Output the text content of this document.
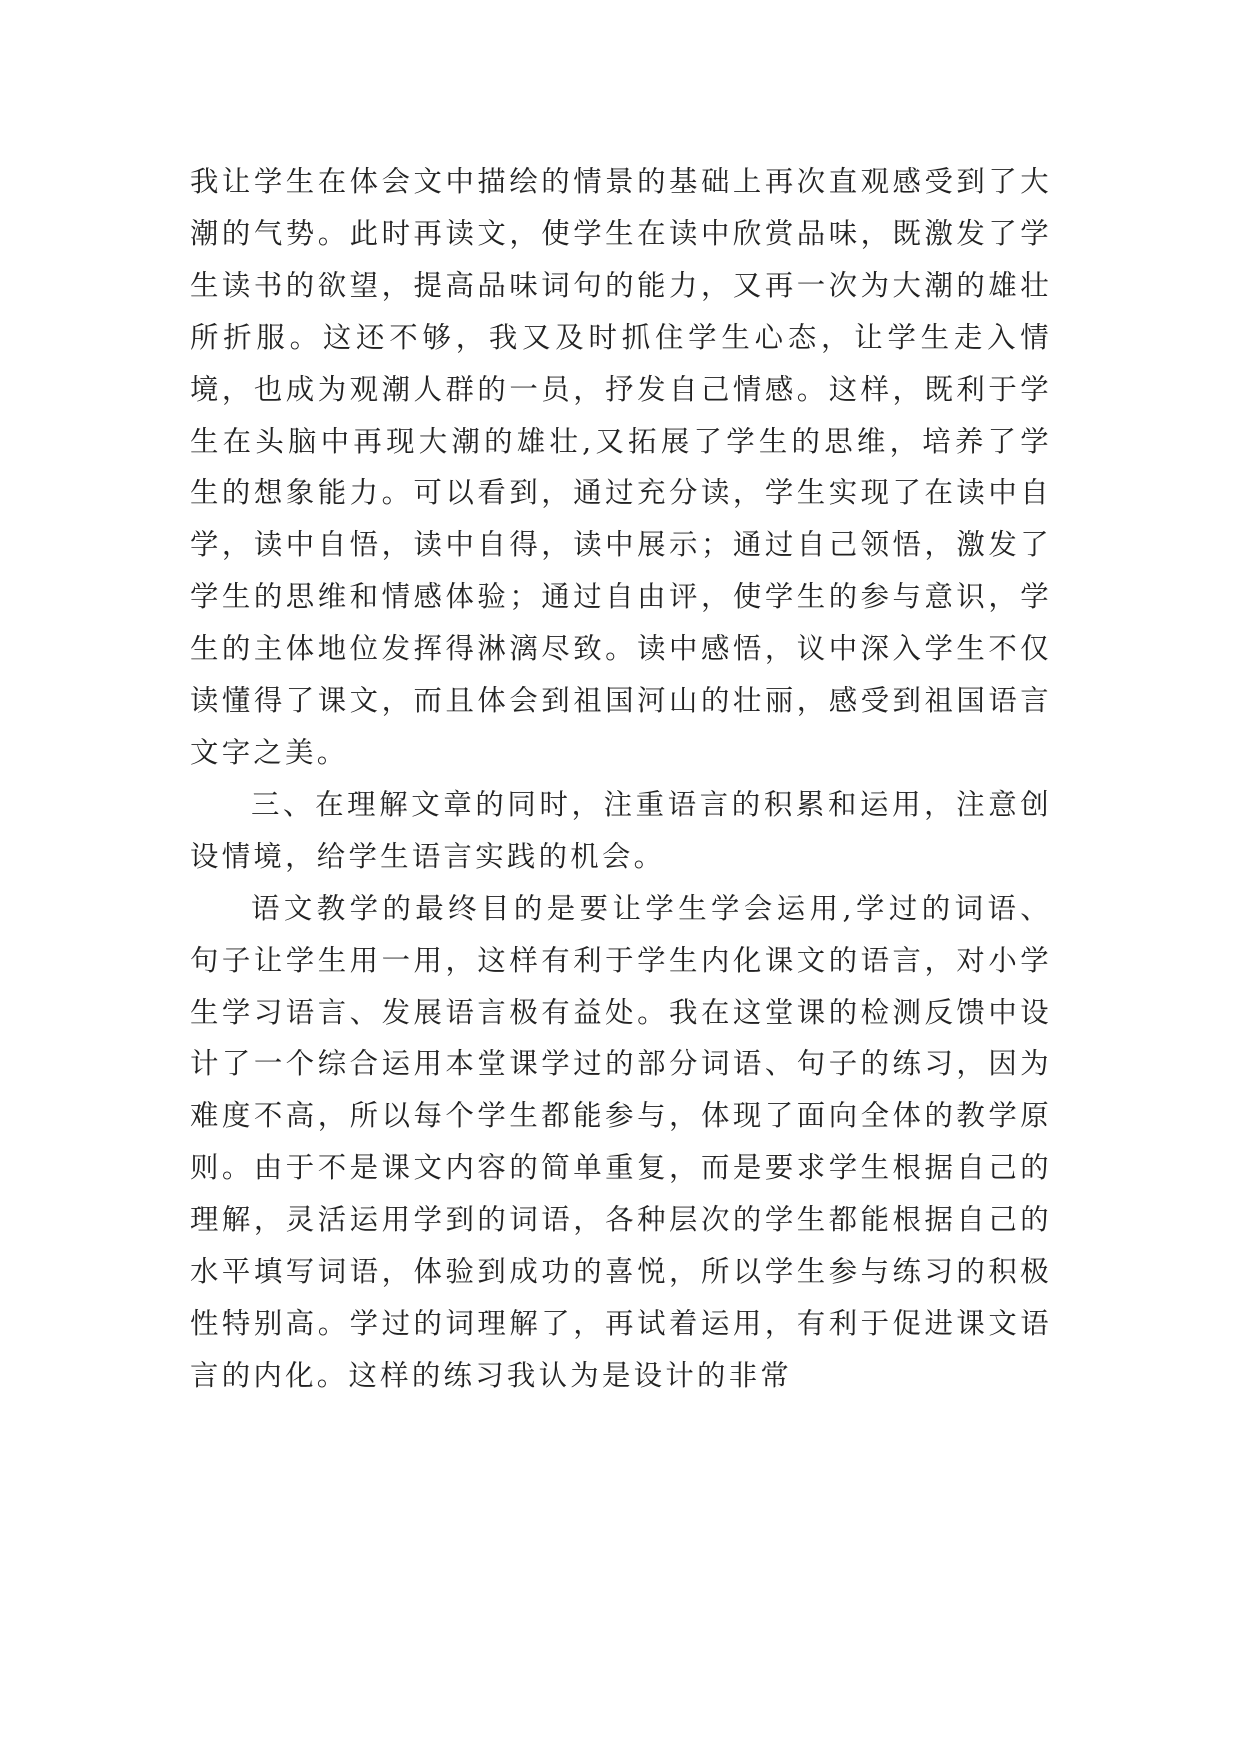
我让学生在体会文中描绘的情景的基础上再次直观感受到了大潮的气势。此时再读文，使学生在读中欣赏品味，既激发了学生读书的欲望，提高品味词句的能力，又再一次为大潮的雄壮所折服。这还不够，我又及时抓住学生心态，让学生走入情境，也成为观潮人群的一员，抒发自己情感。这样，既利于学生在头脑中再现大潮的雄壮,又拓展了学生的思维，培养了学生的想象能力。可以看到，通过充分读，学生实现了在读中自学，读中自悟，读中自得，读中展示；通过自己领悟，激发了学生的思维和情感体验；通过自由评，使学生的参与意识，学生的主体地位发挥得淋漓尽致。读中感悟，议中深入学生不仅读懂得了课文，而且体会到祖国河山的壮丽，感受到祖国语言文字之美。

三、在理解文章的同时，注重语言的积累和运用，注意创设情境，给学生语言实践的机会。

语文教学的最终目的是要让学生学会运用,学过的词语、句子让学生用一用，这样有利于学生内化课文的语言，对小学生学习语言、发展语言极有益处。我在这堂课的检测反馈中设计了一个综合运用本堂课学过的部分词语、句子的练习，因为难度不高，所以每个学生都能参与，体现了面向全体的教学原则。由于不是课文内容的简单重复，而是要求学生根据自己的理解，灵活运用学到的词语，各种层次的学生都能根据自己的水平填写词语，体验到成功的喜悦，所以学生参与练习的积极性特别高。学过的词理解了，再试着运用，有利于促进课文语言的内化。这样的练习我认为是设计的非常
